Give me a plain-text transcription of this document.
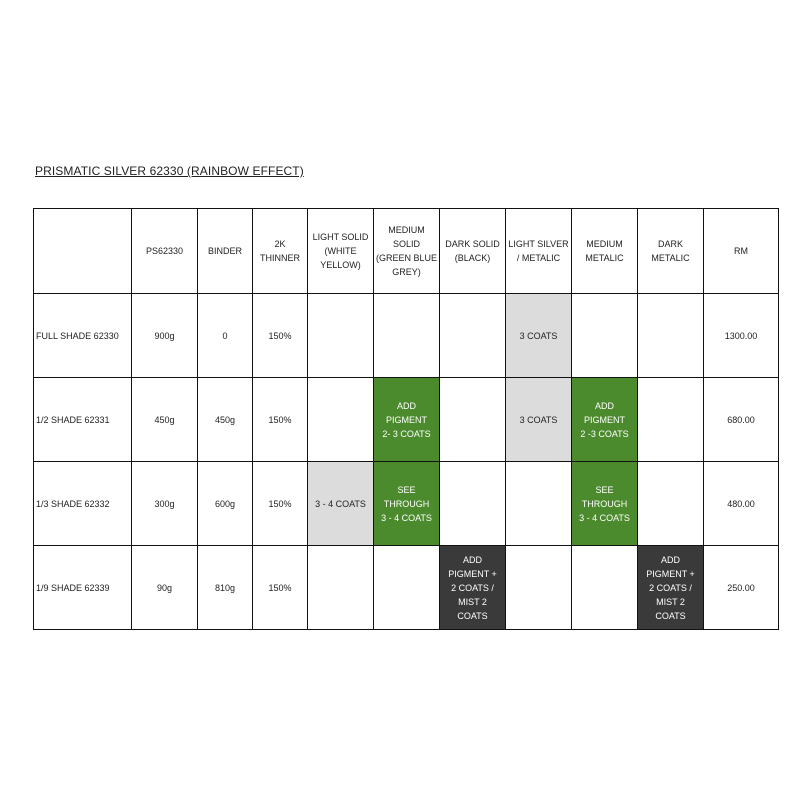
PRISMATIC SILVER 62330 (RAINBOW EFFECT)
	PS62330	BINDER	2K
THINNER	LIGHT SOLID
(WHITE
YELLOW)	MEDIUM
SOLID
(GREEN BLUE
GREY)	DARK SOLID
(BLACK)	LIGHT SILVER
/ METALIC	MEDIUM
METALIC	DARK
METALIC	RM
FULL SHADE 62330	900g	0	150%				3 COATS			1300.00
1/2 SHADE 62331	450g	450g	150%		ADD
PIGMENT
2- 3 COATS		3 COATS	ADD
PIGMENT
2 -3 COATS		680.00
1/3 SHADE 62332	300g	600g	150%	3 - 4 COATS	SEE
THROUGH
3 - 4 COATS			SEE
THROUGH
3 - 4 COATS		480.00
1/9 SHADE 62339	90g	810g	150%			ADD
PIGMENT +
2 COATS /
MIST 2
COATS			ADD
PIGMENT +
2 COATS /
MIST 2
COATS	250.00
